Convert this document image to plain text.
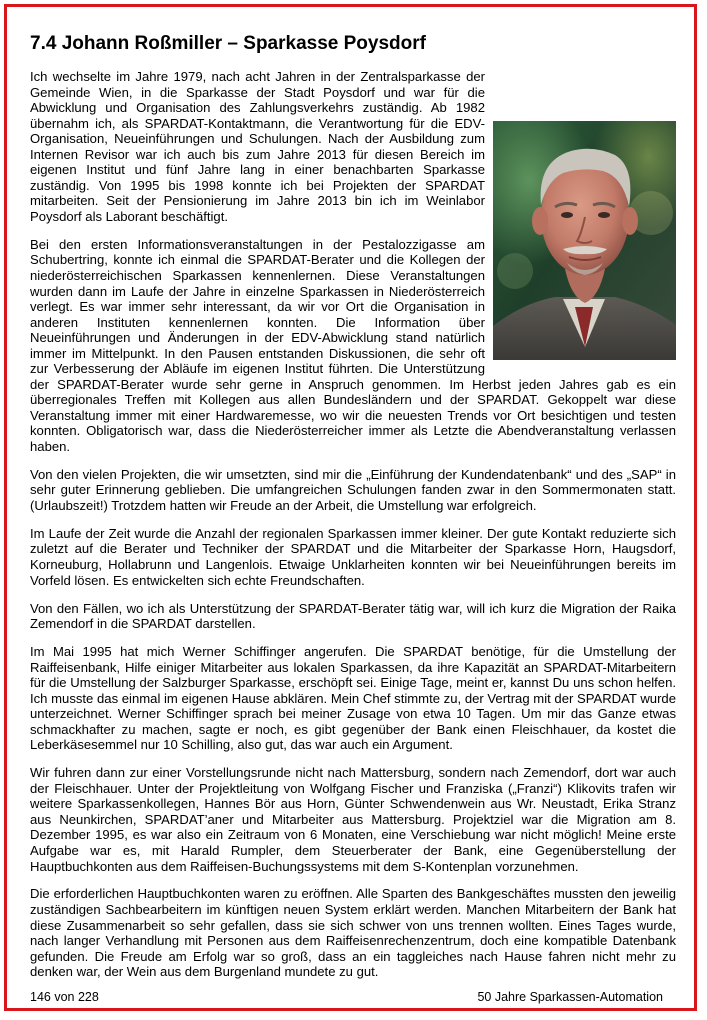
7.4 Johann Roßmiller – Sparkasse Poysdorf

Ich wechselte im Jahre 1979, nach acht Jahren in der Zentralsparkasse der Gemeinde Wien, in die Sparkasse der Stadt Poysdorf und war für die Abwicklung und Organisation des Zahlungsverkehrs zuständig. Ab 1982 übernahm ich, als SPARDAT-Kontaktmann, die Verantwortung für die EDV-Organisation, Neueinführungen und Schulungen. Nach der Ausbildung zum Internen Revisor war ich auch bis zum Jahre 2013 für diesen Bereich im eigenen Institut und fünf Jahre lang in einer benachbarten Sparkasse zuständig. Von 1995 bis 1998 konnte ich bei Projekten der SPARDAT mitarbeiten. Seit der Pensionierung im Jahre 2013 bin ich im Weinlabor Poysdorf als Laborant beschäftigt.

Bei den ersten Informationsveranstaltungen in der Pestalozzigasse am Schubertring, konnte ich einmal die SPARDAT-Berater und die Kollegen der niederösterreichischen Sparkassen kennenlernen. Diese Veranstaltungen wurden dann im Laufe der Jahre in einzelne Sparkassen in Niederösterreich verlegt. Es war immer sehr interessant, da wir vor Ort die Organisation in anderen Instituten kennenlernen konnten. Die Information über Neueinführungen und Änderungen in der EDV-Abwicklung stand natürlich immer im Mittelpunkt. In den Pausen entstanden Diskussionen, die sehr oft zur Verbesserung der Abläufe im eigenen Institut führten. Die Unterstützung der SPARDAT-Berater wurde sehr gerne in Anspruch genommen. Im Herbst jeden Jahres gab es ein überregionales Treffen mit Kollegen aus allen Bundesländern und der SPARDAT. Gekoppelt war diese Veranstaltung immer mit einer Hardwaremesse, wo wir die neuesten Trends vor Ort besichtigen und testen konnten. Obligatorisch war, dass die Niederösterreicher immer als Letzte die Abendveranstaltung verlassen haben.

Von den vielen Projekten, die wir umsetzten, sind mir die „Einführung der Kundendatenbank“ und des „SAP“ in sehr guter Erinnerung geblieben. Die umfangreichen Schulungen fanden zwar in den Sommermonaten statt. (Urlaubszeit!) Trotzdem hatten wir Freude an der Arbeit, die Umstellung war erfolgreich.

Im Laufe der Zeit wurde die Anzahl der regionalen Sparkassen immer kleiner. Der gute Kontakt reduzierte sich zuletzt auf die Berater und Techniker der SPARDAT und die Mitarbeiter der Sparkasse Horn, Haugsdorf, Korneuburg, Hollabrunn und Langenlois. Etwaige Unklarheiten konnten wir bei Neueinführungen bereits im Vorfeld lösen. Es entwickelten sich echte Freundschaften.

Von den Fällen, wo ich als Unterstützung der SPARDAT-Berater tätig war, will ich kurz die Migration der Raika Zemendorf in die SPARDAT darstellen.

Im Mai 1995 hat mich Werner Schiffinger angerufen. Die SPARDAT benötige, für die Umstellung der Raiffeisenbank, Hilfe einiger Mitarbeiter aus lokalen Sparkassen, da ihre Kapazität an SPARDAT-Mitarbeitern für die Umstellung der Salzburger Sparkasse, erschöpft sei. Einige Tage, meint er, kannst Du uns schon helfen. Ich musste das einmal im eigenen Hause abklären. Mein Chef stimmte zu, der Vertrag mit der SPARDAT wurde unterzeichnet. Werner Schiffinger sprach bei meiner Zusage von etwa 10 Tagen. Um mir das Ganze etwas schmackhafter zu machen, sagte er noch, es gibt gegenüber der Bank einen Fleischhauer, da kostet die Leberkäsesemmel nur 10 Schilling, also gut, das war auch ein Argument.

Wir fuhren dann zur einer Vorstellungsrunde nicht nach Mattersburg, sondern nach Zemendorf, dort war auch der Fleischhauer. Unter der Projektleitung von Wolfgang Fischer und Franziska („Franzi“) Klikovits trafen wir weitere Sparkassenkollegen, Hannes Bör aus Horn, Günter Schwendenwein aus Wr. Neustadt, Erika Stranz aus Neunkirchen, SPARDAT’aner und Mitarbeiter aus Mattersburg. Projektziel war die Migration am 8. Dezember 1995, es war also ein Zeitraum von 6 Monaten, eine Verschiebung war nicht möglich! Meine erste Aufgabe war es, mit Harald Rumpler, dem Steuerberater der Bank, eine Gegenüberstellung der Hauptbuchkonten aus dem Raiffeisen-Buchungssystems mit dem S-Kontenplan vorzunehmen.

Die erforderlichen Hauptbuchkonten waren zu eröffnen. Alle Sparten des Bankgeschäftes mussten den jeweilig zuständigen Sachbearbeitern im künftigen neuen System erklärt werden. Manchen Mitarbeitern der Bank hat diese Zusammenarbeit so sehr gefallen, dass sie sich schwer von uns trennen wollten. Eines Tages wurde, nach langer Verhandlung mit Personen aus dem Raiffeisenrechenzentrum, doch eine kompatible Datenbank gefunden. Die Freude am Erfolg war so groß, dass an ein taggleiches nach Hause fahren nicht mehr zu denken war, der Wein aus dem Burgenland mundete zu gut.

146 von 228	50 Jahre Sparkassen-Automation
